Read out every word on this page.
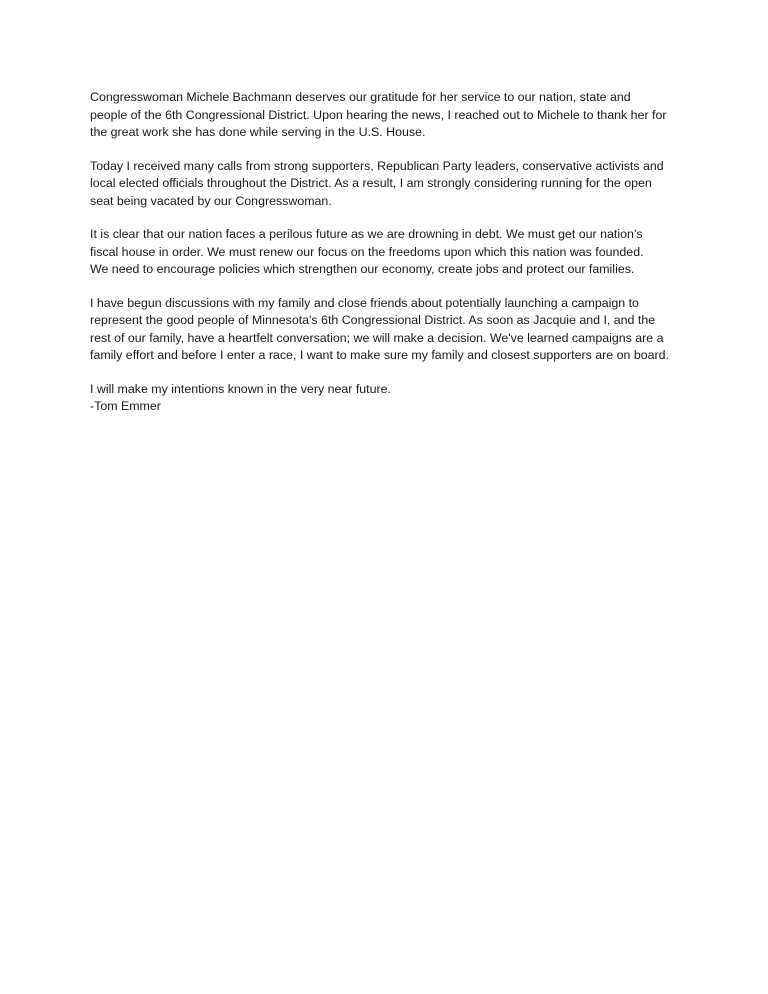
Congresswoman Michele Bachmann deserves our gratitude for her service to our nation, state and
people of the 6th Congressional District. Upon hearing the news, I reached out to Michele to thank her for
the great work she has done while serving in the U.S. House.

Today I received many calls from strong supporters, Republican Party leaders, conservative activists and
local elected officials throughout the District. As a result, I am strongly considering running for the open
seat being vacated by our Congresswoman.

It is clear that our nation faces a perilous future as we are drowning in debt. We must get our nation’s
fiscal house in order. We must renew our focus on the freedoms upon which this nation was founded.
We need to encourage policies which strengthen our economy, create jobs and protect our families.

I have begun discussions with my family and close friends about potentially launching a campaign to
represent the good people of Minnesota's 6th Congressional District. As soon as Jacquie and I, and the
rest of our family, have a heartfelt conversation; we will make a decision. We've learned campaigns are a
family effort and before I enter a race, I want to make sure my family and closest supporters are on board.

I will make my intentions known in the very near future.

-Tom Emmer
